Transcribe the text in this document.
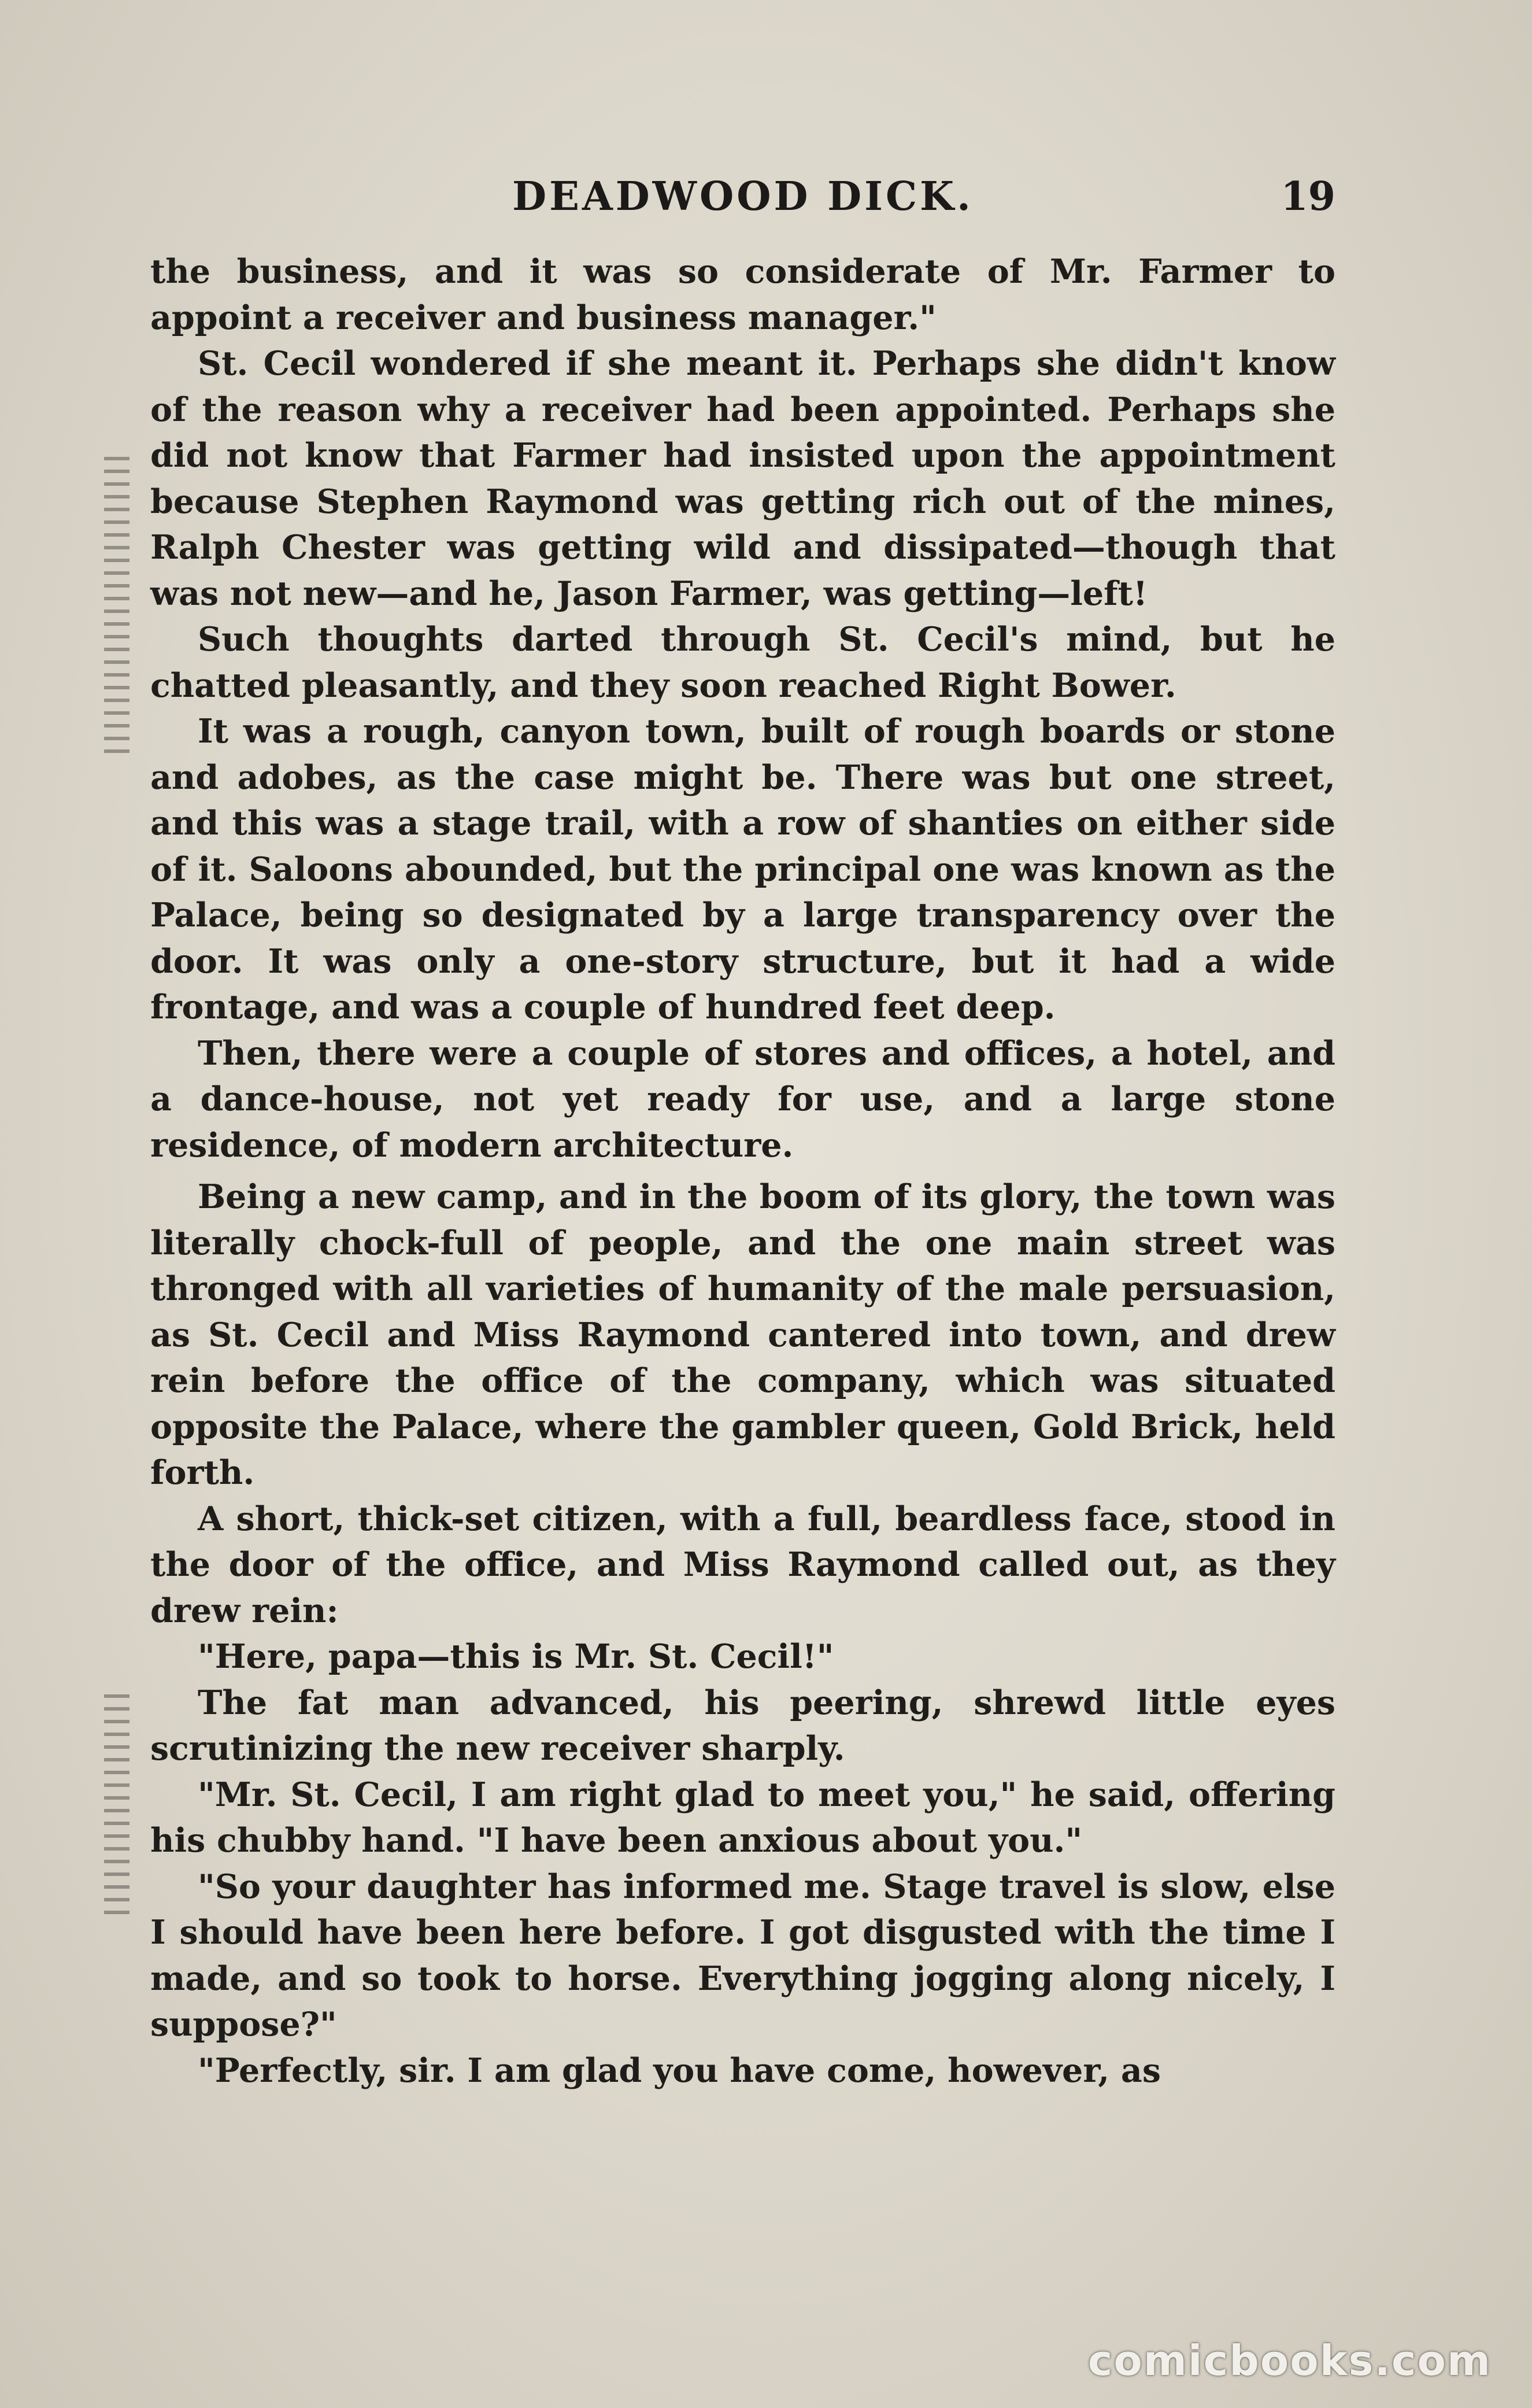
DEADWOOD DICK.	19

the business, and it was so considerate of Mr. Farmer to appoint a receiver and business manager."

St. Cecil wondered if she meant it. Perhaps she didn't know of the reason why a receiver had been appointed. Perhaps she did not know that Farmer had insisted upon the appointment because Stephen Raymond was getting rich out of the mines, Ralph Chester was getting wild and dissipated—though that was not new—and he, Jason Farmer, was getting—left!

Such thoughts darted through St. Cecil's mind, but he chatted pleasantly, and they soon reached Right Bower.

It was a rough, canyon town, built of rough boards or stone and adobes, as the case might be. There was but one street, and this was a stage trail, with a row of shanties on either side of it. Saloons abounded, but the principal one was known as the Palace, being so designated by a large transparency over the door. It was only a one-story structure, but it had a wide frontage, and was a couple of hundred feet deep.

Then, there were a couple of stores and offices, a hotel, and a dance-house, not yet ready for use, and a large stone residence, of modern architecture.

Being a new camp, and in the boom of its glory, the town was literally chock-full of people, and the one main street was thronged with all varieties of humanity of the male persuasion, as St. Cecil and Miss Raymond cantered into town, and drew rein before the office of the company, which was situated opposite the Palace, where the gambler queen, Gold Brick, held forth.

A short, thick-set citizen, with a full, beardless face, stood in the door of the office, and Miss Raymond called out, as they drew rein:

"Here, papa—this is Mr. St. Cecil!"

The fat man advanced, his peering, shrewd little eyes scrutinizing the new receiver sharply.

"Mr. St. Cecil, I am right glad to meet you," he said, offering his chubby hand. "I have been anxious about you."

"So your daughter has informed me. Stage travel is slow, else I should have been here before. I got disgusted with the time I made, and so took to horse. Everything jogging along nicely, I suppose?"

"Perfectly, sir. I am glad you have come, however, as

comicbooks.com
